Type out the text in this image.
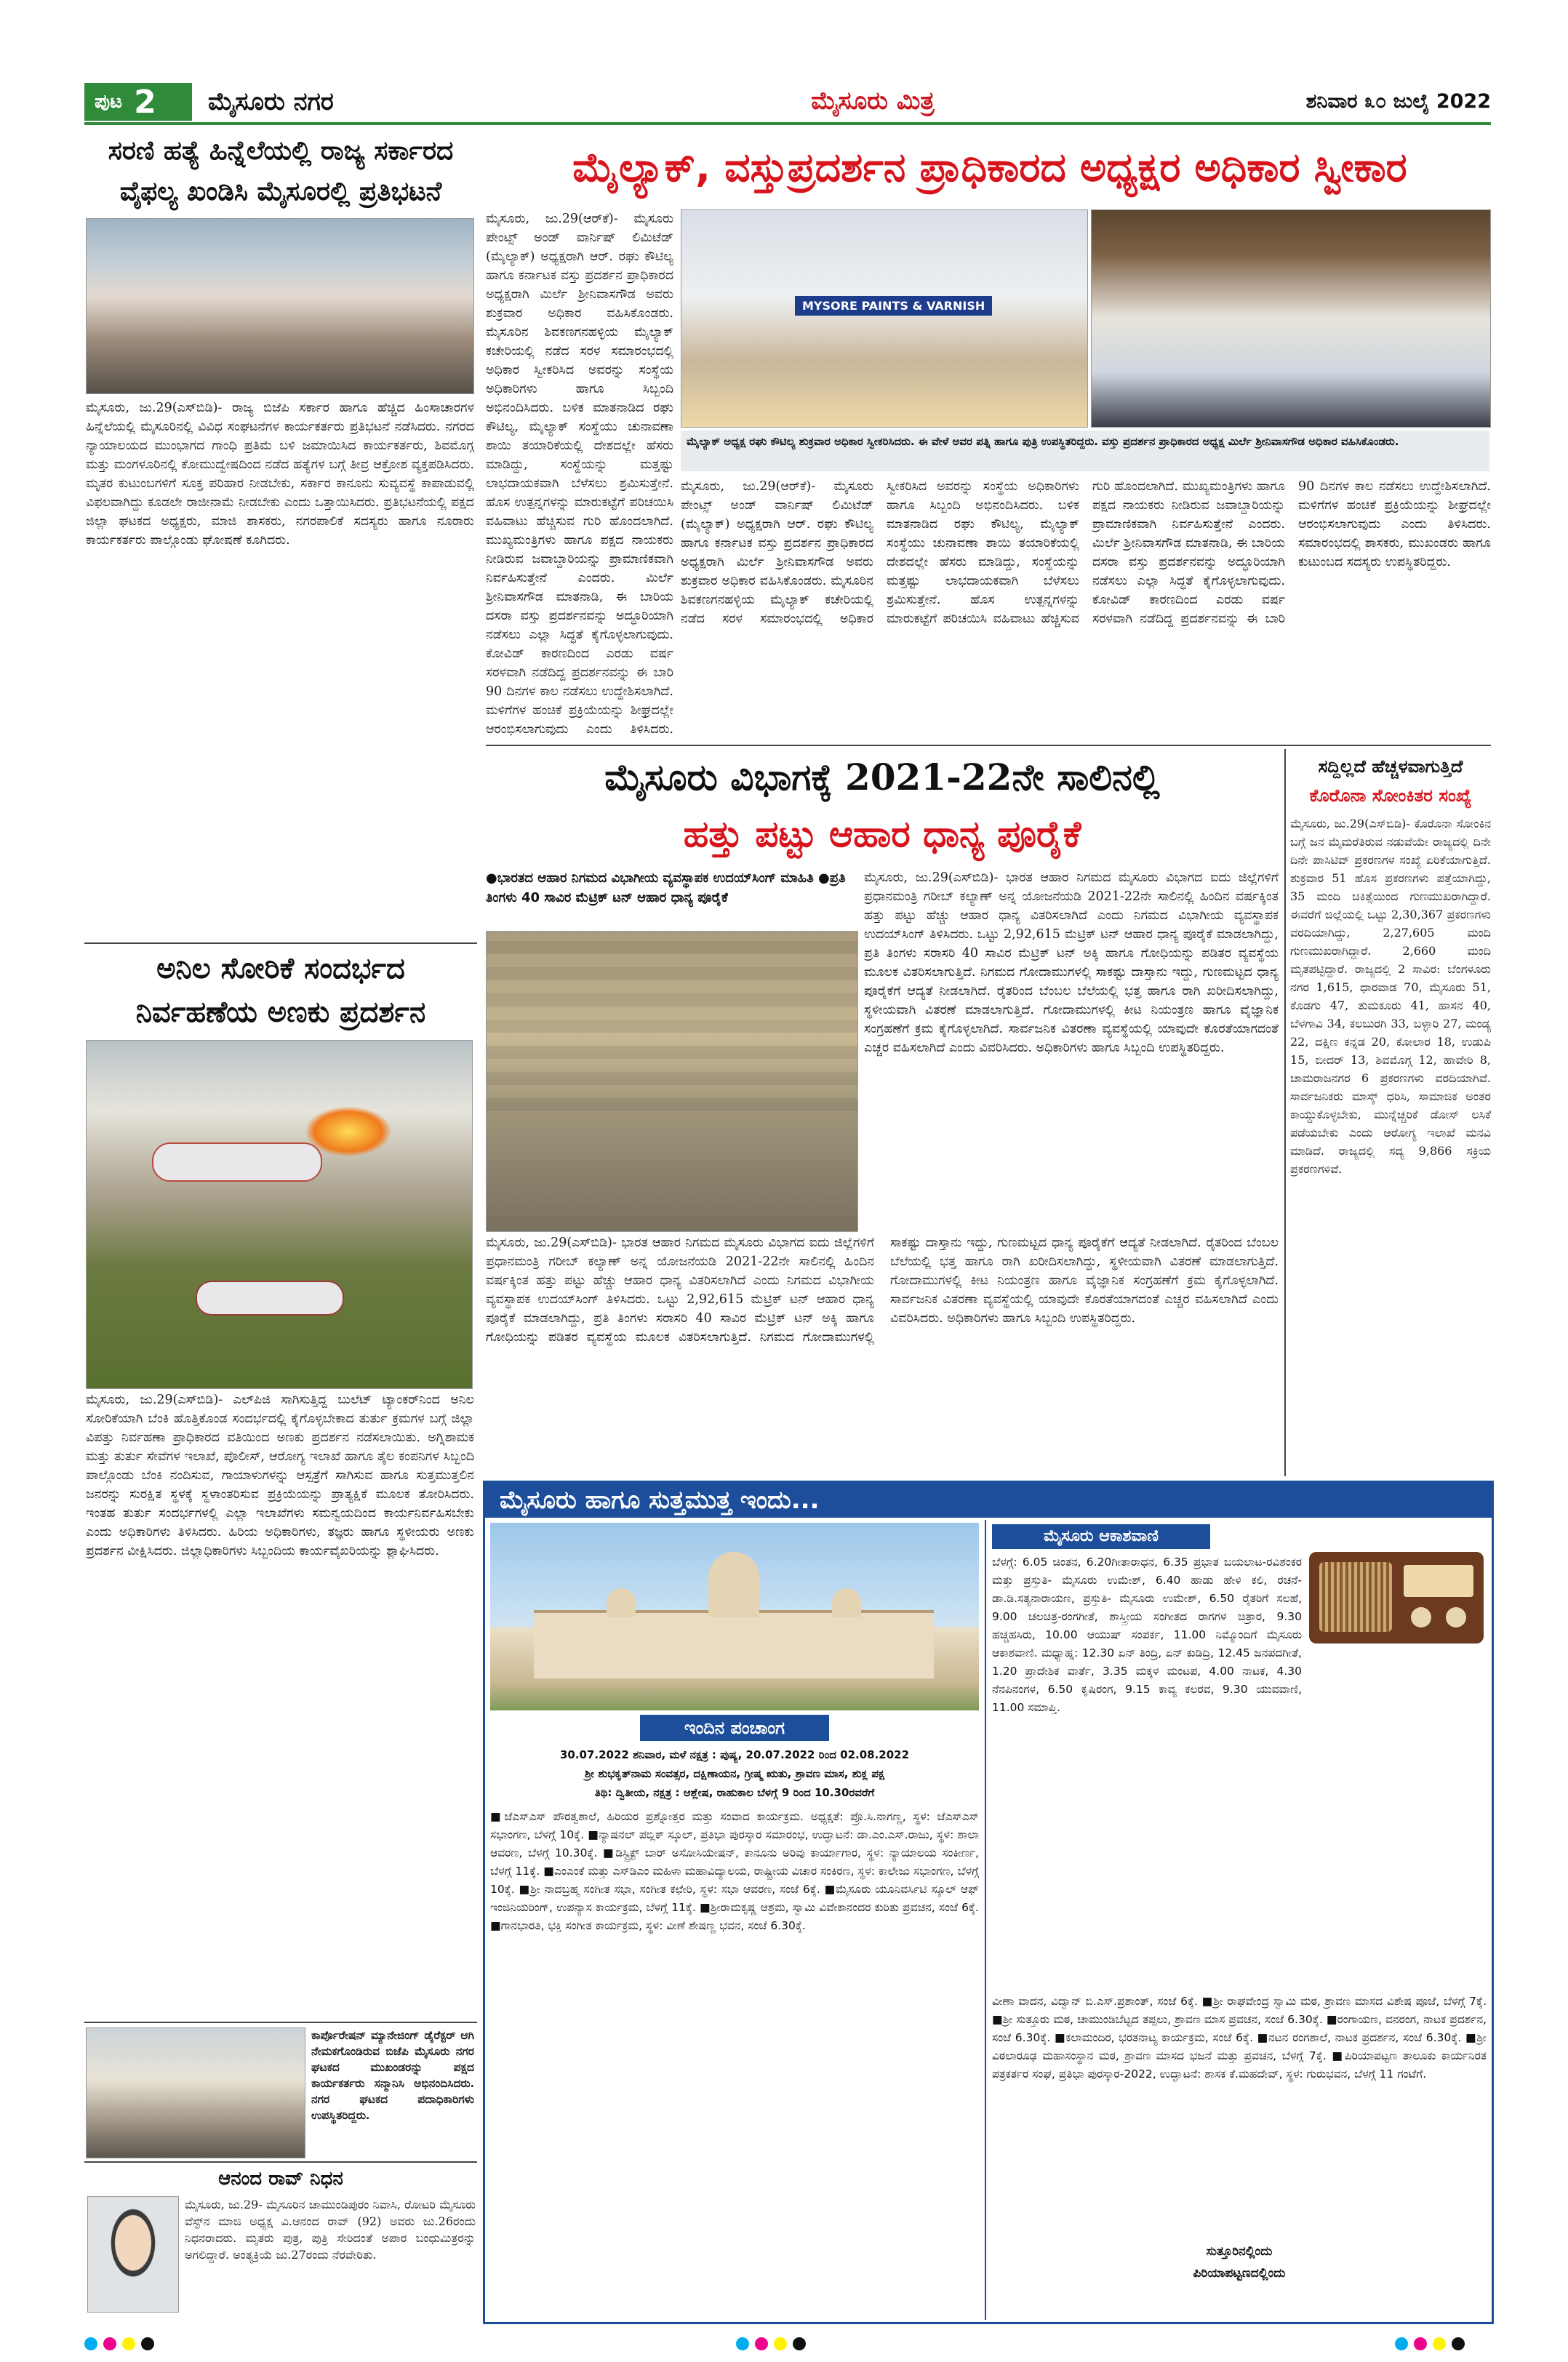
ಪುಟ 2 ಮೈಸೂರು ನಗರ	ಮೈಸೂರು ಮಿತ್ರ	ಶನಿವಾರ ೩೦ ಜುಲೈ 2022
ಸರಣಿ ಹತ್ಯೆ ಹಿನ್ನೆಲೆಯಲ್ಲಿ ರಾಜ್ಯ ಸರ್ಕಾರದ
ವೈಫಲ್ಯ ಖಂಡಿಸಿ ಮೈಸೂರಲ್ಲಿ ಪ್ರತಿಭಟನೆ
ಮೈಸೂರು, ಜು.29(ಎಸ್‌ಬಿಡಿ)- ರಾಜ್ಯ ಬಿಜೆಪಿ ಸರ್ಕಾರ ಹಾಗೂ ಹೆಚ್ಚಿದ ಹಿಂಸಾಚಾರಗಳ ಹಿನ್ನೆಲೆಯಲ್ಲಿ ಮೈಸೂರಿನಲ್ಲಿ ವಿವಿಧ ಸಂಘಟನೆಗಳ ಕಾರ್ಯಕರ್ತರು ಪ್ರತಿಭಟನೆ ನಡೆಸಿದರು. ನಗರದ ನ್ಯಾಯಾಲಯದ ಮುಂಭಾಗದ ಗಾಂಧಿ ಪ್ರತಿಮೆ ಬಳಿ ಜಮಾಯಿಸಿದ ಕಾರ್ಯಕರ್ತರು, ಶಿವಮೊಗ್ಗ ಮತ್ತು ಮಂಗಳೂರಿನಲ್ಲಿ ಕೋಮುದ್ವೇಷದಿಂದ ನಡೆದ ಹತ್ಯೆಗಳ ಬಗ್ಗೆ ತೀವ್ರ ಆಕ್ರೋಶ ವ್ಯಕ್ತಪಡಿಸಿದರು. ಮೃತರ ಕುಟುಂಬಗಳಿಗೆ ಸೂಕ್ತ ಪರಿಹಾರ ನೀಡಬೇಕು, ಸರ್ಕಾರ ಕಾನೂನು ಸುವ್ಯವಸ್ಥೆ ಕಾಪಾಡುವಲ್ಲಿ ವಿಫಲವಾಗಿದ್ದು ಕೂಡಲೇ ರಾಜೀನಾಮೆ ನೀಡಬೇಕು ಎಂದು ಒತ್ತಾಯಿಸಿದರು. ಪ್ರತಿಭಟನೆಯಲ್ಲಿ ಪಕ್ಷದ ಜಿಲ್ಲಾ ಘಟಕದ ಅಧ್ಯಕ್ಷರು, ಮಾಜಿ ಶಾಸಕರು, ನಗರಪಾಲಿಕೆ ಸದಸ್ಯರು ಹಾಗೂ ನೂರಾರು ಕಾರ್ಯಕರ್ತರು ಪಾಲ್ಗೊಂಡು ಘೋಷಣೆ ಕೂಗಿದರು.
ಮೈಲ್ಯಾಕ್, ವಸ್ತುಪ್ರದರ್ಶನ ಪ್ರಾಧಿಕಾರದ ಅಧ್ಯಕ್ಷರ ಅಧಿಕಾರ ಸ್ವೀಕಾರ
MYSORE PAINTS & VARNISH
ಮೈಲ್ಯಾಕ್ ಅಧ್ಯಕ್ಷ ರಘು ಕೌಟಿಲ್ಯ ಶುಕ್ರವಾರ ಅಧಿಕಾರ ಸ್ವೀಕರಿಸಿದರು. ಈ ವೇಳೆ ಅವರ ಪತ್ನಿ ಹಾಗೂ ಪುತ್ರಿ ಉಪಸ್ಥಿತರಿದ್ದರು. ವಸ್ತು ಪ್ರದರ್ಶನ ಪ್ರಾಧಿಕಾರದ ಅಧ್ಯಕ್ಷ ಮಿರ್ಲೆ ಶ್ರೀನಿವಾಸಗೌಡ ಅಧಿಕಾರ ವಹಿಸಿಕೊಂಡರು.
ಮೈಸೂರು, ಜು.29(ಆರ್‌ಕೆ)- ಮೈಸೂರು ಪೇಂಟ್ಸ್ ಅಂಡ್ ವಾರ್ನಿಷ್ ಲಿಮಿಟೆಡ್ (ಮೈಲ್ಯಾಕ್) ಅಧ್ಯಕ್ಷರಾಗಿ ಆರ್. ರಘು ಕೌಟಿಲ್ಯ ಹಾಗೂ ಕರ್ನಾಟಕ ವಸ್ತು ಪ್ರದರ್ಶನ ಪ್ರಾಧಿಕಾರದ ಅಧ್ಯಕ್ಷರಾಗಿ ಮಿರ್ಲೆ ಶ್ರೀನಿವಾಸಗೌಡ ಅವರು ಶುಕ್ರವಾರ ಅಧಿಕಾರ ವಹಿಸಿಕೊಂಡರು. ಮೈಸೂರಿನ ಶಿವಕಣಗನಹಳ್ಳಿಯ ಮೈಲ್ಯಾಕ್ ಕಚೇರಿಯಲ್ಲಿ ನಡೆದ ಸರಳ ಸಮಾರಂಭದಲ್ಲಿ ಅಧಿಕಾರ ಸ್ವೀಕರಿಸಿದ ಅವರನ್ನು ಸಂಸ್ಥೆಯ ಅಧಿಕಾರಿಗಳು ಹಾಗೂ ಸಿಬ್ಬಂದಿ ಅಭಿನಂದಿಸಿದರು. ಬಳಿಕ ಮಾತನಾಡಿದ ರಘು ಕೌಟಿಲ್ಯ, ಮೈಲ್ಯಾಕ್ ಸಂಸ್ಥೆಯು ಚುನಾವಣಾ ಶಾಯಿ ತಯಾರಿಕೆಯಲ್ಲಿ ದೇಶದಲ್ಲೇ ಹೆಸರು ಮಾಡಿದ್ದು, ಸಂಸ್ಥೆಯನ್ನು ಮತ್ತಷ್ಟು ಲಾಭದಾಯಕವಾಗಿ ಬೆಳೆಸಲು ಶ್ರಮಿಸುತ್ತೇನೆ. ಹೊಸ ಉತ್ಪನ್ನಗಳನ್ನು ಮಾರುಕಟ್ಟೆಗೆ ಪರಿಚಯಿಸಿ ವಹಿವಾಟು ಹೆಚ್ಚಿಸುವ ಗುರಿ ಹೊಂದಲಾಗಿದೆ. ಮುಖ್ಯಮಂತ್ರಿಗಳು ಹಾಗೂ ಪಕ್ಷದ ನಾಯಕರು ನೀಡಿರುವ ಜವಾಬ್ದಾರಿಯನ್ನು ಪ್ರಾಮಾಣಿಕವಾಗಿ ನಿರ್ವಹಿಸುತ್ತೇನೆ ಎಂದರು. ಮಿರ್ಲೆ ಶ್ರೀನಿವಾಸಗೌಡ ಮಾತನಾಡಿ, ಈ ಬಾರಿಯ ದಸರಾ ವಸ್ತು ಪ್ರದರ್ಶನವನ್ನು ಅದ್ಧೂರಿಯಾಗಿ ನಡೆಸಲು ಎಲ್ಲಾ ಸಿದ್ಧತೆ ಕೈಗೊಳ್ಳಲಾಗುವುದು. ಕೋವಿಡ್ ಕಾರಣದಿಂದ ಎರಡು ವರ್ಷ ಸರಳವಾಗಿ ನಡೆದಿದ್ದ ಪ್ರದರ್ಶನವನ್ನು ಈ ಬಾರಿ 90 ದಿನಗಳ ಕಾಲ ನಡೆಸಲು ಉದ್ದೇಶಿಸಲಾಗಿದೆ. ಮಳಿಗೆಗಳ ಹಂಚಿಕೆ ಪ್ರಕ್ರಿಯೆಯನ್ನು ಶೀಘ್ರದಲ್ಲೇ ಆರಂಭಿಸಲಾಗುವುದು ಎಂದು ತಿಳಿಸಿದರು.
ಮೈಸೂರು, ಜು.29(ಆರ್‌ಕೆ)- ಮೈಸೂರು ಪೇಂಟ್ಸ್ ಅಂಡ್ ವಾರ್ನಿಷ್ ಲಿಮಿಟೆಡ್ (ಮೈಲ್ಯಾಕ್) ಅಧ್ಯಕ್ಷರಾಗಿ ಆರ್. ರಘು ಕೌಟಿಲ್ಯ ಹಾಗೂ ಕರ್ನಾಟಕ ವಸ್ತು ಪ್ರದರ್ಶನ ಪ್ರಾಧಿಕಾರದ ಅಧ್ಯಕ್ಷರಾಗಿ ಮಿರ್ಲೆ ಶ್ರೀನಿವಾಸಗೌಡ ಅವರು ಶುಕ್ರವಾರ ಅಧಿಕಾರ ವಹಿಸಿಕೊಂಡರು. ಮೈಸೂರಿನ ಶಿವಕಣಗನಹಳ್ಳಿಯ ಮೈಲ್ಯಾಕ್ ಕಚೇರಿಯಲ್ಲಿ ನಡೆದ ಸರಳ ಸಮಾರಂಭದಲ್ಲಿ ಅಧಿಕಾರ ಸ್ವೀಕರಿಸಿದ ಅವರನ್ನು ಸಂಸ್ಥೆಯ ಅಧಿಕಾರಿಗಳು ಹಾಗೂ ಸಿಬ್ಬಂದಿ ಅಭಿನಂದಿಸಿದರು. ಬಳಿಕ ಮಾತನಾಡಿದ ರಘು ಕೌಟಿಲ್ಯ, ಮೈಲ್ಯಾಕ್ ಸಂಸ್ಥೆಯು ಚುನಾವಣಾ ಶಾಯಿ ತಯಾರಿಕೆಯಲ್ಲಿ ದೇಶದಲ್ಲೇ ಹೆಸರು ಮಾಡಿದ್ದು, ಸಂಸ್ಥೆಯನ್ನು ಮತ್ತಷ್ಟು ಲಾಭದಾಯಕವಾಗಿ ಬೆಳೆಸಲು ಶ್ರಮಿಸುತ್ತೇನೆ. ಹೊಸ ಉತ್ಪನ್ನಗಳನ್ನು ಮಾರುಕಟ್ಟೆಗೆ ಪರಿಚಯಿಸಿ ವಹಿವಾಟು ಹೆಚ್ಚಿಸುವ ಗುರಿ ಹೊಂದಲಾಗಿದೆ. ಮುಖ್ಯಮಂತ್ರಿಗಳು ಹಾಗೂ ಪಕ್ಷದ ನಾಯಕರು ನೀಡಿರುವ ಜವಾಬ್ದಾರಿಯನ್ನು ಪ್ರಾಮಾಣಿಕವಾಗಿ ನಿರ್ವಹಿಸುತ್ತೇನೆ ಎಂದರು. ಮಿರ್ಲೆ ಶ್ರೀನಿವಾಸಗೌಡ ಮಾತನಾಡಿ, ಈ ಬಾರಿಯ ದಸರಾ ವಸ್ತು ಪ್ರದರ್ಶನವನ್ನು ಅದ್ಧೂರಿಯಾಗಿ ನಡೆಸಲು ಎಲ್ಲಾ ಸಿದ್ಧತೆ ಕೈಗೊಳ್ಳಲಾಗುವುದು. ಕೋವಿಡ್ ಕಾರಣದಿಂದ ಎರಡು ವರ್ಷ ಸರಳವಾಗಿ ನಡೆದಿದ್ದ ಪ್ರದರ್ಶನವನ್ನು ಈ ಬಾರಿ 90 ದಿನಗಳ ಕಾಲ ನಡೆಸಲು ಉದ್ದೇಶಿಸಲಾಗಿದೆ. ಮಳಿಗೆಗಳ ಹಂಚಿಕೆ ಪ್ರಕ್ರಿಯೆಯನ್ನು ಶೀಘ್ರದಲ್ಲೇ ಆರಂಭಿಸಲಾಗುವುದು ಎಂದು ತಿಳಿಸಿದರು. ಸಮಾರಂಭದಲ್ಲಿ ಶಾಸಕರು, ಮುಖಂಡರು ಹಾಗೂ ಕುಟುಂಬದ ಸದಸ್ಯರು ಉಪಸ್ಥಿತರಿದ್ದರು.
ಅನಿಲ ಸೋರಿಕೆ ಸಂದರ್ಭದ
ನಿರ್ವಹಣೆಯ ಅಣಕು ಪ್ರದರ್ಶನ
ಮೈಸೂರು, ಜು.29(ಎಸ್‌ಬಿಡಿ)- ಎಲ್‌ಪಿಜಿ ಸಾಗಿಸುತ್ತಿದ್ದ ಬುಲೆಟ್ ಟ್ಯಾಂಕರ್‌ನಿಂದ ಅನಿಲ ಸೋರಿಕೆಯಾಗಿ ಬೆಂಕಿ ಹೊತ್ತಿಕೊಂಡ ಸಂದರ್ಭದಲ್ಲಿ ಕೈಗೊಳ್ಳಬೇಕಾದ ತುರ್ತು ಕ್ರಮಗಳ ಬಗ್ಗೆ ಜಿಲ್ಲಾ ವಿಪತ್ತು ನಿರ್ವಹಣಾ ಪ್ರಾಧಿಕಾರದ ವತಿಯಿಂದ ಅಣಕು ಪ್ರದರ್ಶನ ನಡೆಸಲಾಯಿತು. ಅಗ್ನಿಶಾಮಕ ಮತ್ತು ತುರ್ತು ಸೇವೆಗಳ ಇಲಾಖೆ, ಪೊಲೀಸ್, ಆರೋಗ್ಯ ಇಲಾಖೆ ಹಾಗೂ ತೈಲ ಕಂಪನಿಗಳ ಸಿಬ್ಬಂದಿ ಪಾಲ್ಗೊಂಡು ಬೆಂಕಿ ನಂದಿಸುವ, ಗಾಯಾಳುಗಳನ್ನು ಆಸ್ಪತ್ರೆಗೆ ಸಾಗಿಸುವ ಹಾಗೂ ಸುತ್ತಮುತ್ತಲಿನ ಜನರನ್ನು ಸುರಕ್ಷಿತ ಸ್ಥಳಕ್ಕೆ ಸ್ಥಳಾಂತರಿಸುವ ಪ್ರಕ್ರಿಯೆಯನ್ನು ಪ್ರಾತ್ಯಕ್ಷಿಕೆ ಮೂಲಕ ತೋರಿಸಿದರು. ಇಂತಹ ತುರ್ತು ಸಂದರ್ಭಗಳಲ್ಲಿ ಎಲ್ಲಾ ಇಲಾಖೆಗಳು ಸಮನ್ವಯದಿಂದ ಕಾರ್ಯನಿರ್ವಹಿಸಬೇಕು ಎಂದು ಅಧಿಕಾರಿಗಳು ತಿಳಿಸಿದರು. ಹಿರಿಯ ಅಧಿಕಾರಿಗಳು, ತಜ್ಞರು ಹಾಗೂ ಸ್ಥಳೀಯರು ಅಣಕು ಪ್ರದರ್ಶನ ವೀಕ್ಷಿಸಿದರು. ಜಿಲ್ಲಾಧಿಕಾರಿಗಳು ಸಿಬ್ಬಂದಿಯ ಕಾರ್ಯವೈಖರಿಯನ್ನು ಶ್ಲಾಘಿಸಿದರು.
ಮೈಸೂರು ವಿಭಾಗಕ್ಕೆ 2021-22ನೇ ಸಾಲಿನಲ್ಲಿ
ಹತ್ತು ಪಟ್ಟು ಆಹಾರ ಧಾನ್ಯ ಪೂರೈಕೆ
●ಭಾರತದ ಆಹಾರ ನಿಗಮದ ವಿಭಾಗೀಯ ವ್ಯವಸ್ಥಾಪಕ ಉದಯ್‌ಸಿಂಗ್ ಮಾಹಿತಿ ●ಪ್ರತಿ ತಿಂಗಳು 40 ಸಾವಿರ ಮೆಟ್ರಿಕ್ ಟನ್ ಆಹಾರ ಧಾನ್ಯ ಪೂರೈಕೆ
ಮೈಸೂರು, ಜು.29(ಎಸ್‌ಬಿಡಿ)- ಭಾರತ ಆಹಾರ ನಿಗಮದ ಮೈಸೂರು ವಿಭಾಗದ ಐದು ಜಿಲ್ಲೆಗಳಿಗೆ ಪ್ರಧಾನಮಂತ್ರಿ ಗರೀಬ್ ಕಲ್ಯಾಣ್ ಅನ್ನ ಯೋಜನೆಯಡಿ 2021-22ನೇ ಸಾಲಿನಲ್ಲಿ ಹಿಂದಿನ ವರ್ಷಕ್ಕಿಂತ ಹತ್ತು ಪಟ್ಟು ಹೆಚ್ಚು ಆಹಾರ ಧಾನ್ಯ ವಿತರಿಸಲಾಗಿದೆ ಎಂದು ನಿಗಮದ ವಿಭಾಗೀಯ ವ್ಯವಸ್ಥಾಪಕ ಉದಯ್‌ಸಿಂಗ್ ತಿಳಿಸಿದರು. ಒಟ್ಟು 2,92,615 ಮೆಟ್ರಿಕ್ ಟನ್ ಆಹಾರ ಧಾನ್ಯ ಪೂರೈಕೆ ಮಾಡಲಾಗಿದ್ದು, ಪ್ರತಿ ತಿಂಗಳು ಸರಾಸರಿ 40 ಸಾವಿರ ಮೆಟ್ರಿಕ್ ಟನ್ ಅಕ್ಕಿ ಹಾಗೂ ಗೋಧಿಯನ್ನು ಪಡಿತರ ವ್ಯವಸ್ಥೆಯ ಮೂಲಕ ವಿತರಿಸಲಾಗುತ್ತಿದೆ. ನಿಗಮದ ಗೋದಾಮುಗಳಲ್ಲಿ ಸಾಕಷ್ಟು ದಾಸ್ತಾನು ಇದ್ದು, ಗುಣಮಟ್ಟದ ಧಾನ್ಯ ಪೂರೈಕೆಗೆ ಆದ್ಯತೆ ನೀಡಲಾಗಿದೆ. ರೈತರಿಂದ ಬೆಂಬಲ ಬೆಲೆಯಲ್ಲಿ ಭತ್ತ ಹಾಗೂ ರಾಗಿ ಖರೀದಿಸಲಾಗಿದ್ದು, ಸ್ಥಳೀಯವಾಗಿ ವಿತರಣೆ ಮಾಡಲಾಗುತ್ತಿದೆ. ಗೋದಾಮುಗಳಲ್ಲಿ ಕೀಟ ನಿಯಂತ್ರಣ ಹಾಗೂ ವೈಜ್ಞಾನಿಕ ಸಂಗ್ರಹಣೆಗೆ ಕ್ರಮ ಕೈಗೊಳ್ಳಲಾಗಿದೆ. ಸಾರ್ವಜನಿಕ ವಿತರಣಾ ವ್ಯವಸ್ಥೆಯಲ್ಲಿ ಯಾವುದೇ ಕೊರತೆಯಾಗದಂತೆ ಎಚ್ಚರ ವಹಿಸಲಾಗಿದೆ ಎಂದು ವಿವರಿಸಿದರು. ಅಧಿಕಾರಿಗಳು ಹಾಗೂ ಸಿಬ್ಬಂದಿ ಉಪಸ್ಥಿತರಿದ್ದರು.
ಮೈಸೂರು, ಜು.29(ಎಸ್‌ಬಿಡಿ)- ಭಾರತ ಆಹಾರ ನಿಗಮದ ಮೈಸೂರು ವಿಭಾಗದ ಐದು ಜಿಲ್ಲೆಗಳಿಗೆ ಪ್ರಧಾನಮಂತ್ರಿ ಗರೀಬ್ ಕಲ್ಯಾಣ್ ಅನ್ನ ಯೋಜನೆಯಡಿ 2021-22ನೇ ಸಾಲಿನಲ್ಲಿ ಹಿಂದಿನ ವರ್ಷಕ್ಕಿಂತ ಹತ್ತು ಪಟ್ಟು ಹೆಚ್ಚು ಆಹಾರ ಧಾನ್ಯ ವಿತರಿಸಲಾಗಿದೆ ಎಂದು ನಿಗಮದ ವಿಭಾಗೀಯ ವ್ಯವಸ್ಥಾಪಕ ಉದಯ್‌ಸಿಂಗ್ ತಿಳಿಸಿದರು. ಒಟ್ಟು 2,92,615 ಮೆಟ್ರಿಕ್ ಟನ್ ಆಹಾರ ಧಾನ್ಯ ಪೂರೈಕೆ ಮಾಡಲಾಗಿದ್ದು, ಪ್ರತಿ ತಿಂಗಳು ಸರಾಸರಿ 40 ಸಾವಿರ ಮೆಟ್ರಿಕ್ ಟನ್ ಅಕ್ಕಿ ಹಾಗೂ ಗೋಧಿಯನ್ನು ಪಡಿತರ ವ್ಯವಸ್ಥೆಯ ಮೂಲಕ ವಿತರಿಸಲಾಗುತ್ತಿದೆ. ನಿಗಮದ ಗೋದಾಮುಗಳಲ್ಲಿ ಸಾಕಷ್ಟು ದಾಸ್ತಾನು ಇದ್ದು, ಗುಣಮಟ್ಟದ ಧಾನ್ಯ ಪೂರೈಕೆಗೆ ಆದ್ಯತೆ ನೀಡಲಾಗಿದೆ. ರೈತರಿಂದ ಬೆಂಬಲ ಬೆಲೆಯಲ್ಲಿ ಭತ್ತ ಹಾಗೂ ರಾಗಿ ಖರೀದಿಸಲಾಗಿದ್ದು, ಸ್ಥಳೀಯವಾಗಿ ವಿತರಣೆ ಮಾಡಲಾಗುತ್ತಿದೆ. ಗೋದಾಮುಗಳಲ್ಲಿ ಕೀಟ ನಿಯಂತ್ರಣ ಹಾಗೂ ವೈಜ್ಞಾನಿಕ ಸಂಗ್ರಹಣೆಗೆ ಕ್ರಮ ಕೈಗೊಳ್ಳಲಾಗಿದೆ. ಸಾರ್ವಜನಿಕ ವಿತರಣಾ ವ್ಯವಸ್ಥೆಯಲ್ಲಿ ಯಾವುದೇ ಕೊರತೆಯಾಗದಂತೆ ಎಚ್ಚರ ವಹಿಸಲಾಗಿದೆ ಎಂದು ವಿವರಿಸಿದರು. ಅಧಿಕಾರಿಗಳು ಹಾಗೂ ಸಿಬ್ಬಂದಿ ಉಪಸ್ಥಿತರಿದ್ದರು.
ಸದ್ದಿಲ್ಲದೆ ಹೆಚ್ಚಳವಾಗುತ್ತಿದೆ
ಕೊರೊನಾ ಸೋಂಕಿತರ ಸಂಖ್ಯೆ
ಮೈಸೂರು, ಜು.29(ಎಸ್‌ಬಿಡಿ)- ಕೊರೊನಾ ಸೋಂಕಿನ ಬಗ್ಗೆ ಜನ ಮೈಮರೆತಿರುವ ನಡುವೆಯೇ ರಾಜ್ಯದಲ್ಲಿ ದಿನೇ ದಿನೇ ಪಾಸಿಟಿವ್ ಪ್ರಕರಣಗಳ ಸಂಖ್ಯೆ ಏರಿಕೆಯಾಗುತ್ತಿದೆ. ಶುಕ್ರವಾರ 51 ಹೊಸ ಪ್ರಕರಣಗಳು ಪತ್ತೆಯಾಗಿದ್ದು, 35 ಮಂದಿ ಚಿಕಿತ್ಸೆಯಿಂದ ಗುಣಮುಖರಾಗಿದ್ದಾರೆ. ಈವರೆಗೆ ಜಿಲ್ಲೆಯಲ್ಲಿ ಒಟ್ಟು 2,30,367 ಪ್ರಕರಣಗಳು ವರದಿಯಾಗಿದ್ದು, 2,27,605 ಮಂದಿ ಗುಣಮುಖರಾಗಿದ್ದಾರೆ. 2,660 ಮಂದಿ ಮೃತಪಟ್ಟಿದ್ದಾರೆ. ರಾಜ್ಯದಲ್ಲಿ 2 ಸಾವಿರ: ಬೆಂಗಳೂರು ನಗರ 1,615, ಧಾರವಾಡ 70, ಮೈಸೂರು 51, ಕೊಡಗು 47, ತುಮಕೂರು 41, ಹಾಸನ 40, ಬೆಳಗಾವಿ 34, ಕಲಬುರಗಿ 33, ಬಳ್ಳಾರಿ 27, ಮಂಡ್ಯ 22, ದಕ್ಷಿಣ ಕನ್ನಡ 20, ಕೋಲಾರ 18, ಉಡುಪಿ 15, ಬೀದರ್ 13, ಶಿವಮೊಗ್ಗ 12, ಹಾವೇರಿ 8, ಚಾಮರಾಜನಗರ 6 ಪ್ರಕರಣಗಳು ವರದಿಯಾಗಿವೆ. ಸಾರ್ವಜನಿಕರು ಮಾಸ್ಕ್ ಧರಿಸಿ, ಸಾಮಾಜಿಕ ಅಂತರ ಕಾಯ್ದುಕೊಳ್ಳಬೇಕು, ಮುನ್ನೆಚ್ಚರಿಕೆ ಡೋಸ್ ಲಸಿಕೆ ಪಡೆಯಬೇಕು ಎಂದು ಆರೋಗ್ಯ ಇಲಾಖೆ ಮನವಿ ಮಾಡಿದೆ. ರಾಜ್ಯದಲ್ಲಿ ಸದ್ಯ 9,866 ಸಕ್ರಿಯ ಪ್ರಕರಣಗಳಿವೆ.
ಮೈಸೂರು ಹಾಗೂ ಸುತ್ತಮುತ್ತ ಇಂದು...
ಇಂದಿನ ಪಂಚಾಂಗ
30.07.2022 ಶನಿವಾರ, ಮಳೆ ನಕ್ಷತ್ರ : ಪುಷ್ಯ, 20.07.2022 ರಿಂದ 02.08.2022
ಶ್ರೀ ಶುಭಕೃತ್‌ನಾಮ ಸಂವತ್ಸರ, ದಕ್ಷಿಣಾಯನ, ಗ್ರೀಷ್ಮ ಋತು, ಶ್ರಾವಣ ಮಾಸ, ಶುಕ್ಲ ಪಕ್ಷ
ತಿಥಿ: ದ್ವಿತೀಯ, ನಕ್ಷತ್ರ : ಆಶ್ಲೇಷ, ರಾಹುಕಾಲ ಬೆಳಗ್ಗೆ 9 ರಿಂದ 10.30ರವರೆಗೆ
ಮೈಸೂರು ಆಕಾಶವಾಣಿ
ಬೆಳಗ್ಗೆ: 6.05 ಚಿಂತನ, 6.20ಗೀತಾರಾಧನ, 6.35 ಪ್ರಭಾತ ಬಯಲಾಟ-ರವಿಶಂಕರ ಮತ್ತು ಪ್ರಸ್ತುತಿ- ಮೈಸೂರು ಉಮೇಶ್, 6.40 ಹಾಡು ಹೇಳಿ ಕಲಿ, ರಚನೆ- ಡಾ.ಡಿ.ಸತ್ಯನಾರಾಯಣ, ಪ್ರಸ್ತುತಿ- ಮೈಸೂರು ಉಮೇಶ್, 6.50 ರೈತರಿಗೆ ಸಲಹೆ, 9.00 ಚಲಚಿತ್ರ-ರಂಗಗೀತೆ, ಶಾಸ್ತ್ರೀಯ ಸಂಗೀತದ ರಾಗಗಳ ಚಿತ್ರಾರ, 9.30 ಹಚ್ಚಹಸಿರು, 10.00 ಆಯುಷ್ ಸಂಪರ್ಕ, 11.00 ನಿಮ್ಮೊಂದಿಗೆ ಮೈಸೂರು ಆಕಾಶವಾಣಿ. ಮಧ್ಯಾಹ್ನ: 12.30 ಏನ್ ತಿಂದ್ರಿ, ಏನ್ ಕುಡಿದ್ರಿ, 12.45 ಜನಪದಗೀತೆ, 1.20 ಪ್ರಾದೇಶಿಕ ವಾರ್ತೆ, 3.35 ಮಕ್ಕಳ ಮಂಟಪ, 4.00 ನಾಟಕ, 4.30 ನೆನಪಿನಂಗಳ, 6.50 ಕೃಷಿರಂಗ, 9.15 ಕಾವ್ಯ ಕಲರವ, 9.30 ಯುವವಾಣಿ, 11.00 ಸಮಾಪ್ತಿ.
■ಜೆಎಸ್‌ಎಸ್ ಪೌರತ್ವಶಾಲೆ, ಹಿರಿಯರ ಪ್ರಶ್ನೋತ್ತರ ಮತ್ತು ಸಂವಾದ ಕಾರ್ಯಕ್ರಮ. ಅಧ್ಯಕ್ಷತೆ: ಪ್ರೊ.ಸಿ.ನಾಗಣ್ಣ, ಸ್ಥಳ: ಜೆಎಸ್‌ಎಸ್ ಸಭಾಂಗಣ, ಬೆಳಗ್ಗೆ 10ಕ್ಕೆ. ■ನ್ಯಾಷನಲ್ ಪಬ್ಲಿಕ್ ಸ್ಕೂಲ್, ಪ್ರತಿಭಾ ಪುರಸ್ಕಾರ ಸಮಾರಂಭ, ಉದ್ಘಾಟನೆ: ಡಾ.ಎಂ.ಎಸ್.ರಾಜು, ಸ್ಥಳ: ಶಾಲಾ ಆವರಣ, ಬೆಳಗ್ಗೆ 10.30ಕ್ಕೆ. ■ಡಿಸ್ಟ್ರಿಕ್ಟ್ ಬಾರ್ ಅಸೋಸಿಯೇಷನ್, ಕಾನೂನು ಅರಿವು ಕಾರ್ಯಾಗಾರ, ಸ್ಥಳ: ನ್ಯಾಯಾಲಯ ಸಂಕೀರ್ಣ, ಬೆಳಗ್ಗೆ 11ಕ್ಕೆ. ■ಎಂಎಂಕೆ ಮತ್ತು ಎಸ್‌ಡಿಎಂ ಮಹಿಳಾ ಮಹಾವಿದ್ಯಾಲಯ, ರಾಷ್ಟ್ರೀಯ ವಿಚಾರ ಸಂಕಿರಣ, ಸ್ಥಳ: ಕಾಲೇಜು ಸಭಾಂಗಣ, ಬೆಳಗ್ಗೆ 10ಕ್ಕೆ. ■ಶ್ರೀ ನಾದಬ್ರಹ್ಮ ಸಂಗೀತ ಸಭಾ, ಸಂಗೀತ ಕಛೇರಿ, ಸ್ಥಳ: ಸಭಾ ಆವರಣ, ಸಂಜೆ 6ಕ್ಕೆ. ■ಮೈಸೂರು ಯೂನಿವರ್ಸಿಟಿ ಸ್ಕೂಲ್ ಆಫ್ ಇಂಜಿನಿಯರಿಂಗ್, ಉಪನ್ಯಾಸ ಕಾರ್ಯಕ್ರಮ, ಬೆಳಗ್ಗೆ 11ಕ್ಕೆ. ■ಶ್ರೀರಾಮಕೃಷ್ಣ ಆಶ್ರಮ, ಸ್ವಾಮಿ ವಿವೇಕಾನಂದರ ಕುರಿತು ಪ್ರವಚನ, ಸಂಜೆ 6ಕ್ಕೆ. ■ಗಾನಭಾರತಿ, ಭಕ್ತಿ ಸಂಗೀತ ಕಾರ್ಯಕ್ರಮ, ಸ್ಥಳ: ವೀಣೆ ಶೇಷಣ್ಣ ಭವನ, ಸಂಜೆ 6.30ಕ್ಕೆ.
ವೀಣಾ ವಾದನ, ವಿದ್ವಾನ್ ಬಿ.ಎಸ್.ಪ್ರಶಾಂತ್, ಸಂಜೆ 6ಕ್ಕೆ. ■ಶ್ರೀ ರಾಘವೇಂದ್ರ ಸ್ವಾಮಿ ಮಠ, ಶ್ರಾವಣ ಮಾಸದ ವಿಶೇಷ ಪೂಜೆ, ಬೆಳಗ್ಗೆ 7ಕ್ಕೆ. ■ಶ್ರೀ ಸುತ್ತೂರು ಮಠ, ಚಾಮುಂಡಿಬೆಟ್ಟದ ತಪ್ಪಲು, ಶ್ರಾವಣ ಮಾಸ ಪ್ರವಚನ, ಸಂಜೆ 6.30ಕ್ಕೆ. ■ರಂಗಾಯಣ, ವನರಂಗ, ನಾಟಕ ಪ್ರದರ್ಶನ, ಸಂಜೆ 6.30ಕ್ಕೆ. ■ಕಲಾಮಂದಿರ, ಭರತನಾಟ್ಯ ಕಾರ್ಯಕ್ರಮ, ಸಂಜೆ 6ಕ್ಕೆ. ■ನಟನ ರಂಗಶಾಲೆ, ನಾಟಕ ಪ್ರದರ್ಶನ, ಸಂಜೆ 6.30ಕ್ಕೆ. ■ಶ್ರೀ ವಿಠಲಾರೂಢ ಮಹಾಸಂಸ್ಥಾನ ಮಠ, ಶ್ರಾವಣ ಮಾಸದ ಭಜನೆ ಮತ್ತು ಪ್ರವಚನ, ಬೆಳಗ್ಗೆ 7ಕ್ಕೆ. ■ಪಿರಿಯಾಪಟ್ಟಣ ತಾಲೂಕು ಕಾರ್ಯನಿರತ ಪತ್ರಕರ್ತರ ಸಂಘ, ಪ್ರತಿಭಾ ಪುರಸ್ಕಾರ-2022, ಉದ್ಘಾಟನೆ: ಶಾಸಕ ಕೆ.ಮಹದೇವ್, ಸ್ಥಳ: ಗುರುಭವನ, ಬೆಳಗ್ಗೆ 11 ಗಂಟೆಗೆ.
ಸುತ್ತೂರಿನಲ್ಲಿಂದು
ಪಿರಿಯಾಪಟ್ಟಣದಲ್ಲಿಂದು
ಕಾರ್ಪೊರೇಷನ್ ಮ್ಯಾನೇಜಿಂಗ್ ಡೈರೆಕ್ಟರ್ ಆಗಿ ನೇಮಕಗೊಂಡಿರುವ ಬಿಜೆಪಿ ಮೈಸೂರು ನಗರ ಘಟಕದ ಮುಖಂಡರನ್ನು ಪಕ್ಷದ ಕಾರ್ಯಕರ್ತರು ಸನ್ಮಾನಿಸಿ ಅಭಿನಂದಿಸಿದರು. ನಗರ ಘಟಕದ ಪದಾಧಿಕಾರಿಗಳು ಉಪಸ್ಥಿತರಿದ್ದರು.
ಆನಂದ ರಾವ್ ನಿಧನ
ಮೈಸೂರು, ಜು.29- ಮೈಸೂರಿನ ಚಾಮುಂಡಿಪುರಂ ನಿವಾಸಿ, ರೋಟರಿ ಮೈಸೂರು ವೆಸ್ಟ್‌ನ ಮಾಜಿ ಅಧ್ಯಕ್ಷ ವಿ.ಆನಂದ ರಾವ್ (92) ಅವರು ಜು.26ರಂದು ನಿಧನರಾದರು. ಮೃತರು ಪುತ್ರ, ಪುತ್ರಿ ಸೇರಿದಂತೆ ಅಪಾರ ಬಂಧುಮಿತ್ರರನ್ನು ಅಗಲಿದ್ದಾರೆ. ಅಂತ್ಯಕ್ರಿಯೆ ಜು.27ರಂದು ನೆರವೇರಿತು.
